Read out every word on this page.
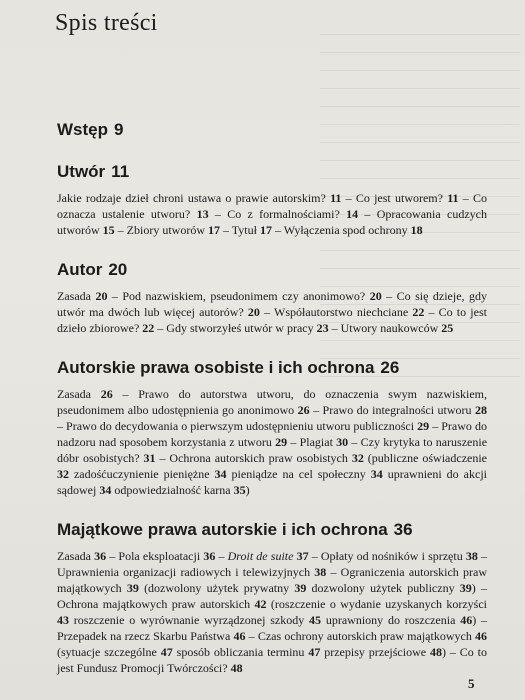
Spis treści
Wstęp 9
Utwór 11

Jakie rodzaje dzieł chroni ustawa o prawie autorskim? 11 – Co jest utworem? 11 – Co oznacza ustalenie utworu? 13 – Co z formalnościami? 14 – Opracowania cudzych utworów 15 – Zbiory utworów 17 – Tytuł 17 – Wyłączenia spod ochrony 18

Autor 20

Zasada 20 – Pod nazwiskiem, pseudonimem czy anonimowo? 20 – Co się dzieje, gdy utwór ma dwóch lub więcej autorów? 20 – Współautorstwo niechciane 22 – Co to jest dzieło zbiorowe? 22 – Gdy stworzyłeś utwór w pracy 23 – Utwory naukowców 25

Autorskie prawa osobiste i ich ochrona 26

Zasada 26 – Prawo do autorstwa utworu, do oznaczenia swym nazwiskiem, pseudonimem albo udostępnienia go anonimowo 26 – Prawo do integralności utworu 28 – Prawo do decydowania o pierwszym udostępnieniu utworu publiczności 29 – Prawo do nadzoru nad sposobem korzystania z utworu 29 – Plagiat 30 – Czy krytyka to naruszenie dóbr osobistych? 31 – Ochrona autorskich praw osobistych 32 (publiczne oświadczenie 32 zadośćuczynienie pieniężne 34 pieniądze na cel społeczny 34 uprawnieni do akcji sądowej 34 odpowiedzialność karna 35)

Majątkowe prawa autorskie i ich ochrona 36

Zasada 36 – Pola eksploatacji 36 – Droit de suite 37 – Opłaty od nośników i sprzętu 38 – Uprawnienia organizacji radiowych i telewizyjnych 38 – Ograniczenia autorskich praw majątkowych 39 (dozwolony użytek prywatny 39 dozwolony użytek publiczny 39) – Ochrona majątkowych praw autorskich 42 (roszczenie o wydanie uzyskanych korzyści 43 roszczenie o wyrównanie wyrządzonej szkody 45 uprawniony do roszczenia 46) – Przepadek na rzecz Skarbu Państwa 46 – Czas ochrony autorskich praw majątkowych 46 (sytuacje szczególne 47 sposób obliczania terminu 47 przepisy przejściowe 48) – Co to jest Fundusz Promocji Twórczości? 48

5
